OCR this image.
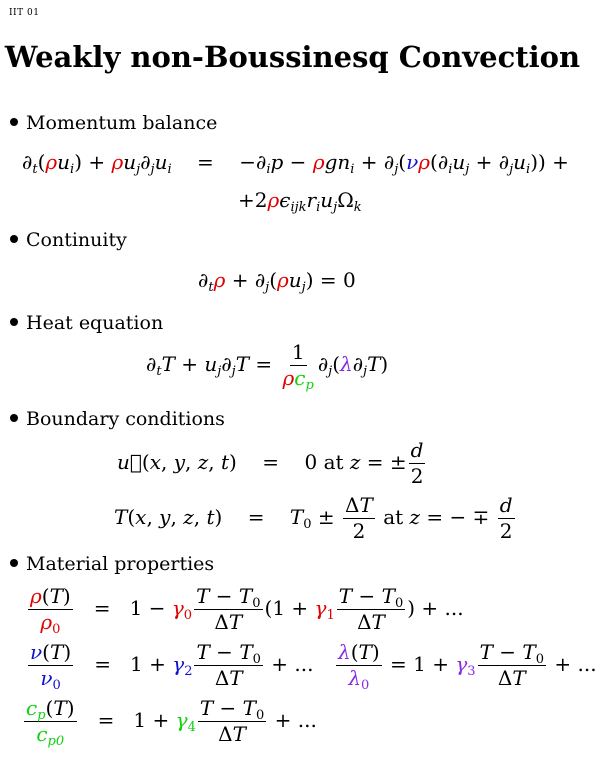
IIT 01
Weakly non-Boussinesq Convection
Momentum balance
$\partial_t(\rho u_i) + \rho u_j\partial_ju_i$    =    $-\partial_ip - \rho gn_i + \partial_j(\nu\rho(\partial_iu_j + \partial_ju_i))$ +
$+2\rho\epsilon_{ijk}r_iu_j\Omega_k$
Continuity
$\partial_t\rho + \partial_j(\rho u_j) = 0$
Heat equation
$\partial_tT + u_j\partial_jT = \frac{1}{\rho c_p} \partial_j(\lambda\partial_jT)$
Boundary conditions
u⃗(x, y, z, t)    =    0 at z = ± $\frac{d}{2}$
T(x, y, z, t)    =    $T_0 \pm \frac{\Delta T}{2}$ at z = − ∓ $\frac{d}{2}$
Material properties
$\frac{\rho(T)}{\rho_0} = 1 - \gamma_0 \frac{T - T_0}{\Delta T} (1 + \gamma_1 \frac{T - T_0}{\Delta T}$ ) + ...
$\frac{\nu(T)}{\nu_0} = 1 + \gamma_2 \frac{T - T_0}{\Delta T}$ + ... $\frac{\lambda(T)}{\lambda_0} = 1 + \gamma_3 \frac{T - T_0}{\Delta T}$ + ...
$\frac{c_p(T)}{c_{p0}} = 1 + \gamma_4 \frac{T - T_0}{\Delta T}$ + ...
